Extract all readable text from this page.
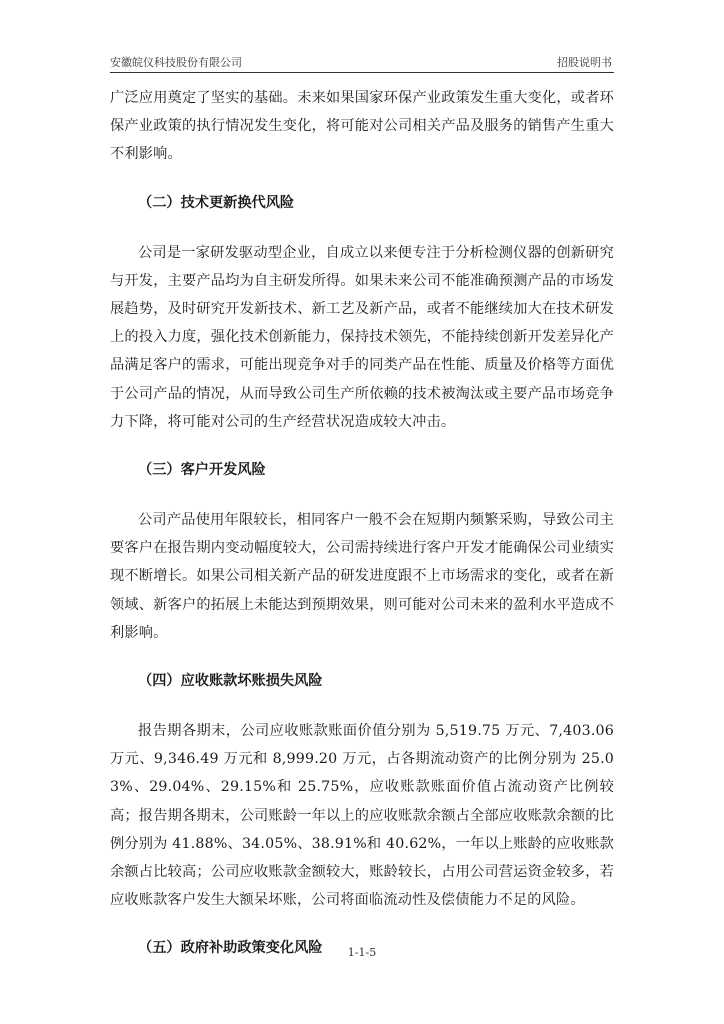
安徽皖仪科技股份有限公司	招股说明书

广泛应用奠定了坚实的基础。未来如果国家环保产业政策发生重大变化，或者环保产业政策的执行情况发生变化，将可能对公司相关产品及服务的销售产生重大不利影响。

（二）技术更新换代风险

公司是一家研发驱动型企业，自成立以来便专注于分析检测仪器的创新研究与开发，主要产品均为自主研发所得。如果未来公司不能准确预测产品的市场发展趋势，及时研究开发新技术、新工艺及新产品，或者不能继续加大在技术研发上的投入力度，强化技术创新能力，保持技术领先，不能持续创新开发差异化产品满足客户的需求，可能出现竞争对手的同类产品在性能、质量及价格等方面优于公司产品的情况，从而导致公司生产所依赖的技术被淘汰或主要产品市场竞争力下降，将可能对公司的生产经营状况造成较大冲击。

（三）客户开发风险

公司产品使用年限较长，相同客户一般不会在短期内频繁采购，导致公司主要客户在报告期内变动幅度较大，公司需持续进行客户开发才能确保公司业绩实现不断增长。如果公司相关新产品的研发进度跟不上市场需求的变化，或者在新领域、新客户的拓展上未能达到预期效果，则可能对公司未来的盈利水平造成不利影响。

（四）应收账款坏账损失风险

报告期各期末，公司应收账款账面价值分别为 5,519.75 万元、7,403.06 万元、9,346.49 万元和 8,999.20 万元，占各期流动资产的比例分别为 25.03%、29.04%、29.15%和 25.75%，应收账款账面价值占流动资产比例较高；报告期各期末，公司账龄一年以上的应收账款余额占全部应收账款余额的比例分别为 41.88%、34.05%、38.91%和 40.62%，一年以上账龄的应收账款余额占比较高；公司应收账款金额较大，账龄较长，占用公司营运资金较多，若应收账款客户发生大额呆坏账，公司将面临流动性及偿债能力不足的风险。

（五）政府补助政策变化风险	1-1-5
